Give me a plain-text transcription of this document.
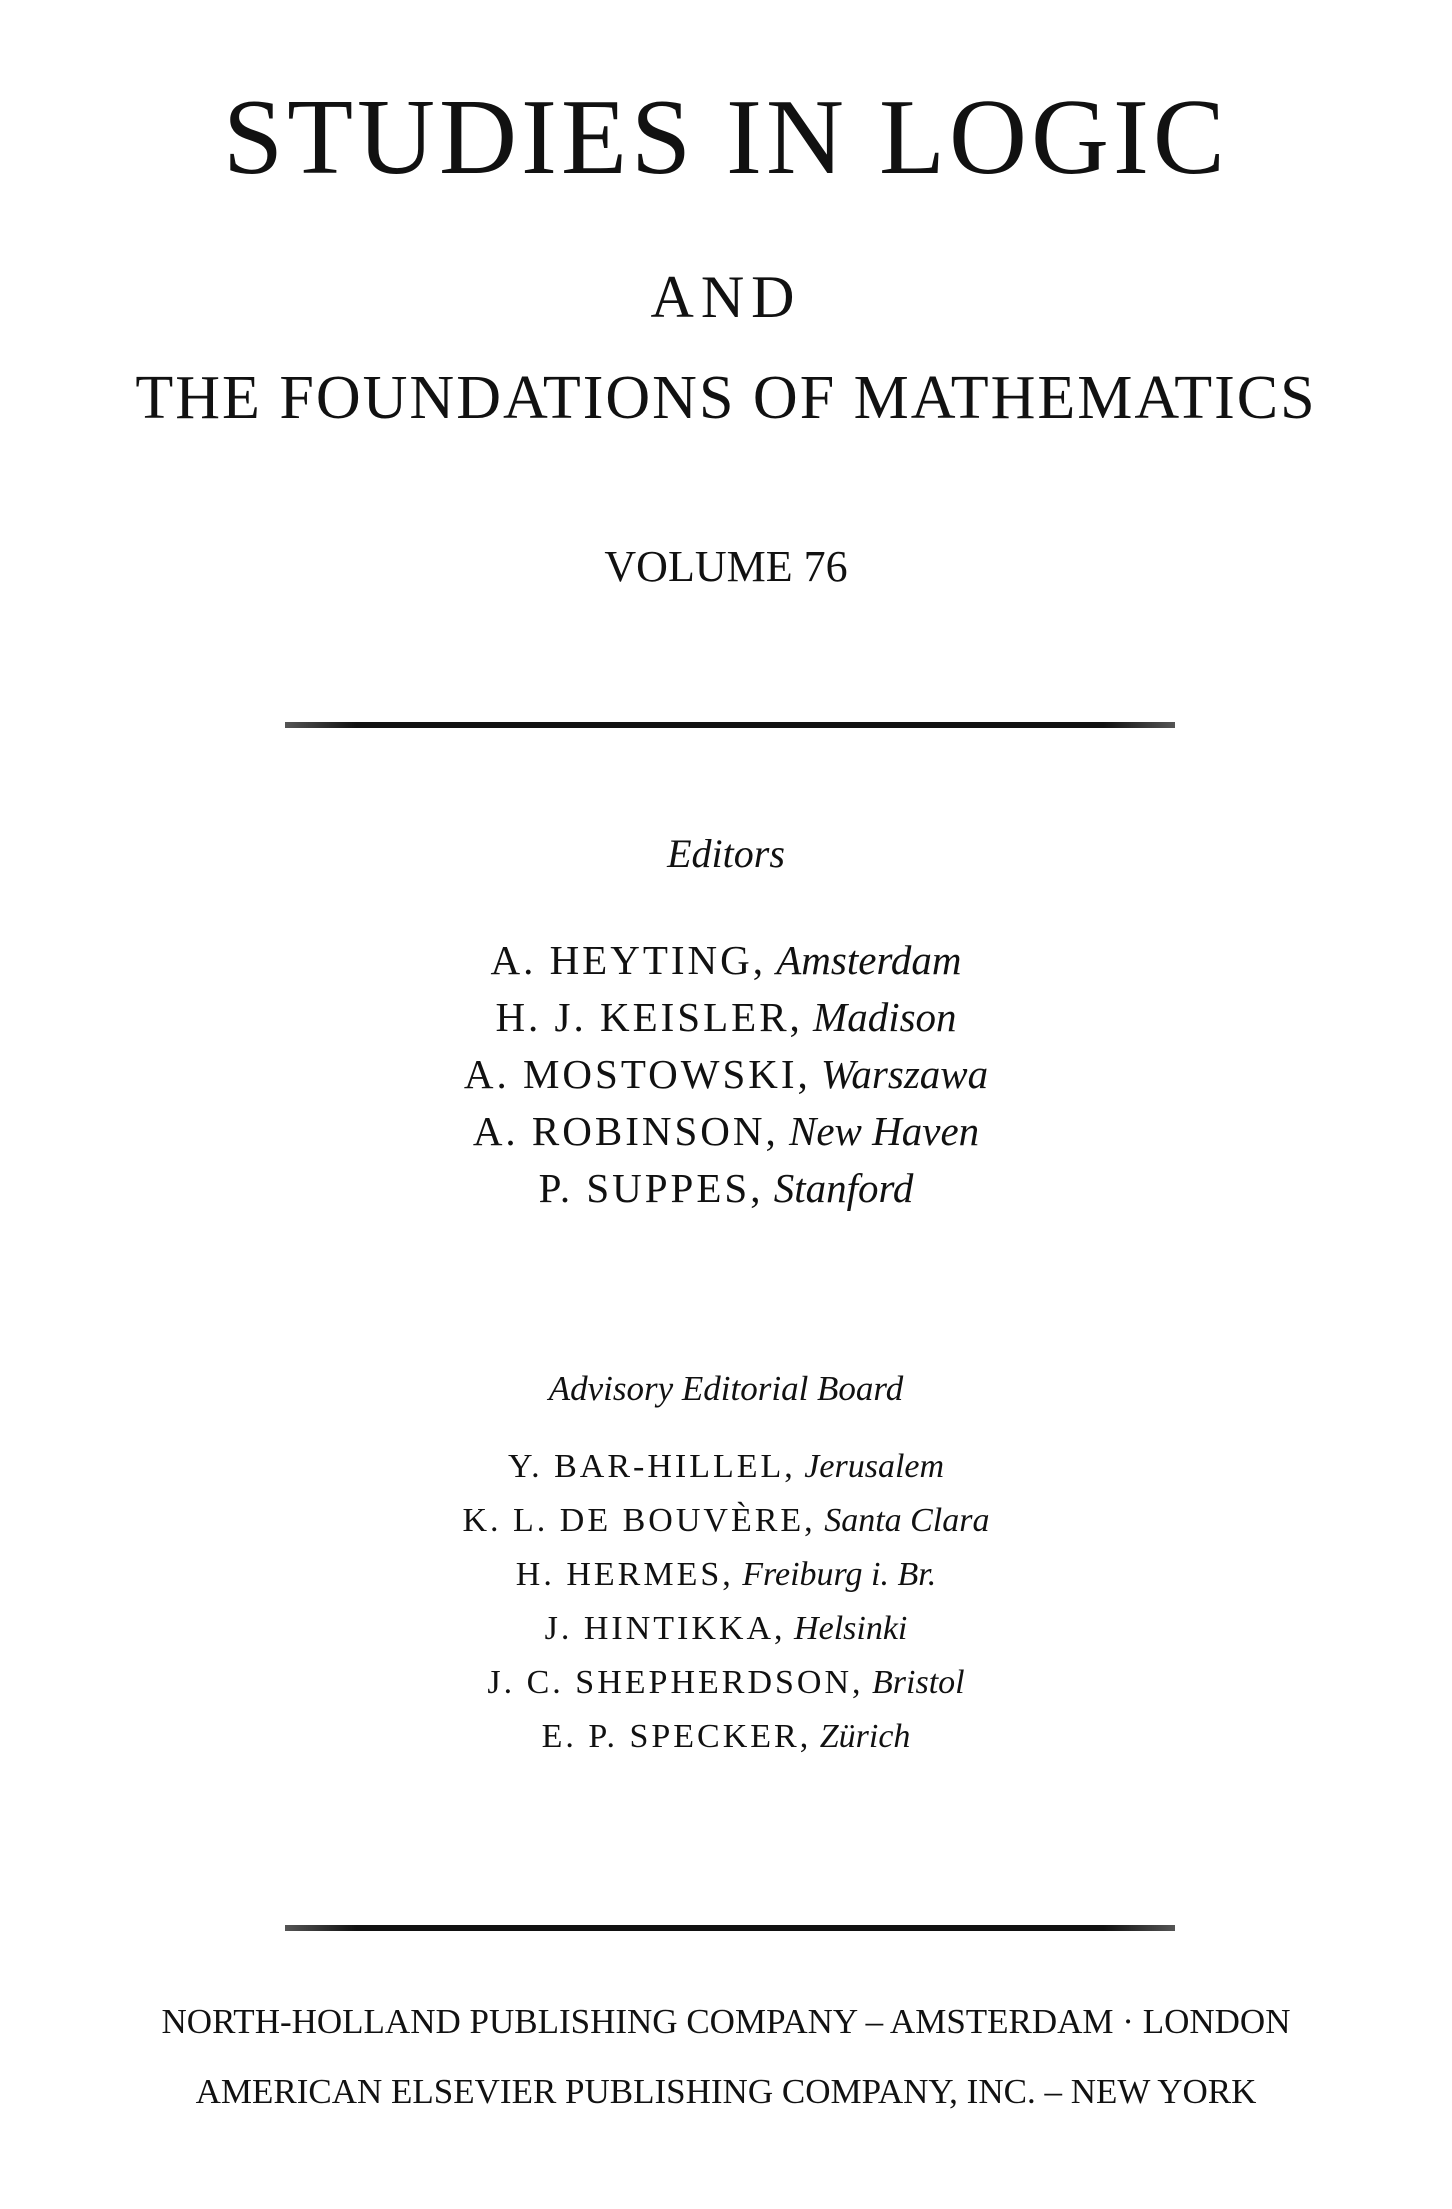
STUDIES IN LOGIC
AND
THE FOUNDATIONS OF MATHEMATICS
VOLUME 76
Editors
A. HEYTING, Amsterdam
H. J. KEISLER, Madison
A. MOSTOWSKI, Warszawa
A. ROBINSON, New Haven
P. SUPPES, Stanford
Advisory Editorial Board
Y. BAR-HILLEL, Jerusalem
K. L. DE BOUVÈRE, Santa Clara
H. HERMES, Freiburg i. Br.
J. HINTIKKA, Helsinki
J. C. SHEPHERDSON, Bristol
E. P. SPECKER, Zürich
NORTH-HOLLAND PUBLISHING COMPANY – AMSTERDAM · LONDON
AMERICAN ELSEVIER PUBLISHING COMPANY, INC. – NEW YORK
